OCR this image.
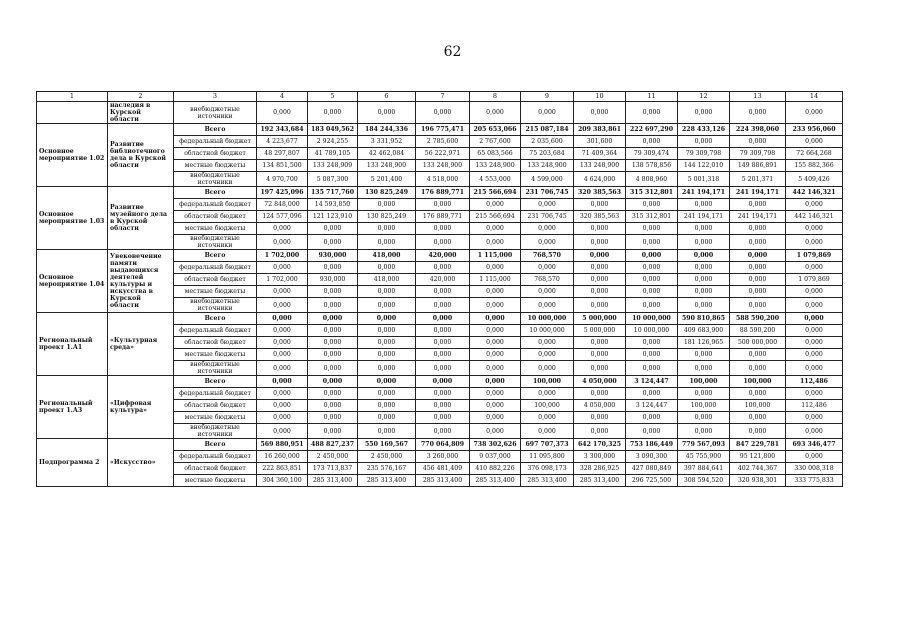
62
1	2	3	4	5	6	7	8	9	10	11	12	13	14
	наследия в Курской области	внебюджетные источники	0,000	0,000	0,000	0,000	0,000	0,000	0,000	0,000	0,000	0,000	0,000
Основное мероприятие 1.02	Развитие библиотечного дела в Курской области	Всего	192 343,684	183 049,562	184 244,336	196 775,471	205 653,066	215 087,184	209 383,861	222 697,290	228 433,126	224 398,060	233 956,060
		федеральный бюджет	4 223,677	2 924,255	3 331,952	2 785,600	2 767,600	2 035,600	301,600	0,000	0,000	0,000	0,000
		областной бюджет	48 297,807	41 789,105	42 462,084	56 222,971	65 083,566	75 203,684	71 409,364	79 309,474	79 309,798	79 309,798	72 664,268
		местные бюджеты	134 851,500	133 248,909	133 248,900	133 248,900	133 248,900	133 248,900	133 248,900	138 578,856	144 122,010	149 886,891	155 882,366
		внебюджетные источники	4 970,700	5 087,300	5 201,400	4 518,000	4 553,000	4 599,000	4 624,000	4 808,960	5 001,318	5 201,371	5 409,426
Основное мероприятие 1.03	Развитие музейного дела в Курской области	Всего	197 425,096	135 717,760	130 825,249	176 889,771	215 566,694	231 706,745	320 385,563	315 312,801	241 194,171	241 194,171	442 146,321
		федеральный бюджет	72 848,000	14 593,850	0,000	0,000	0,000	0,000	0,000	0,000	0,000	0,000	0,000
		областной бюджет	124 577,096	121 123,910	130 825,249	176 889,771	215 566,694	231 706,745	320 385,563	315 312,801	241 194,171	241 194,171	442 146,321
		местные бюджеты	0,000	0,000	0,000	0,000	0,000	0,000	0,000	0,000	0,000	0,000	0,000
		внебюджетные источники	0,000	0,000	0,000	0,000	0,000	0,000	0,000	0,000	0,000	0,000	0,000
Основное мероприятие 1.04	Увековечение памяти выдающихся деятелей культуры и искусства в Курской области	Всего	1 702,000	930,000	418,000	420,000	1 115,000	768,570	0,000	0,000	0,000	0,000	1 079,869
		федеральный бюджет	0,000	0,000	0,000	0,000	0,000	0,000	0,000	0,000	0,000	0,000	0,000
		областной бюджет	1 702,000	930,000	418,000	420,000	1 115,000	768,570	0,000	0,000	0,000	0,000	1 079,869
		местные бюджеты	0,000	0,000	0,000	0,000	0,000	0,000	0,000	0,000	0,000	0,000	0,000
		внебюджетные источники	0,000	0,000	0,000	0,000	0,000	0,000	0,000	0,000	0,000	0,000	0,000
Региональный проект 1.А1	«Культурная среда»	Всего	0,000	0,000	0,000	0,000	0,000	10 000,000	5 000,000	10 000,000	590 810,865	588 590,200	0,000
		федеральный бюджет	0,000	0,000	0,000	0,000	0,000	10 000,000	5 000,000	10 000,000	409 683,900	88 590,200	0,000
		областной бюджет	0,000	0,000	0,000	0,000	0,000	0,000	0,000	0,000	181 126,965	500 000,000	0,000
		местные бюджеты	0,000	0,000	0,000	0,000	0,000	0,000	0,000	0,000	0,000	0,000	0,000
		внебюджетные источники	0,000	0,000	0,000	0,000	0,000	0,000	0,000	0,000	0,000	0,000	0,000
Региональный проект 1.А3	«Цифровая культура»	Всего	0,000	0,000	0,000	0,000	0,000	100,000	4 050,000	3 124,447	100,000	100,000	112,486
		федеральный бюджет	0,000	0,000	0,000	0,000	0,000	0,000	0,000	0,000	0,000	0,000	0,000
		областной бюджет	0,000	0,000	0,000	0,000	0,000	100,000	4 050,000	3 124,447	100,000	100,000	112,486
		местные бюджеты	0,000	0,000	0,000	0,000	0,000	0,000	0,000	0,000	0,000	0,000	0,000
		внебюджетные источники	0,000	0,000	0,000	0,000	0,000	0,000	0,000	0,000	0,000	0,000	0,000
Подпрограмма 2	«Искусство»	Всего	569 880,951	488 827,237	550 169,567	770 064,809	738 302,626	697 707,373	642 170,325	753 186,449	779 567,093	847 229,781	693 346,477
		федеральный бюджет	16 260,000	2 450,000	2 450,000	3 260,000	9 037,000	11 095,800	3 300,000	3 090,300	45 755,900	95 121,800	0,000
		областной бюджет	222 863,851	173 713,837	235 576,167	456 481,409	410 882,226	376 098,173	328 286,925	427 080,849	397 884,641	402 744,367	330 008,318
		местные бюджеты	304 360,100	285 313,400	285 313,400	285 313,400	285 313,400	285 313,400	285 313,400	296 725,500	308 594,520	320 938,301	333 775,833
